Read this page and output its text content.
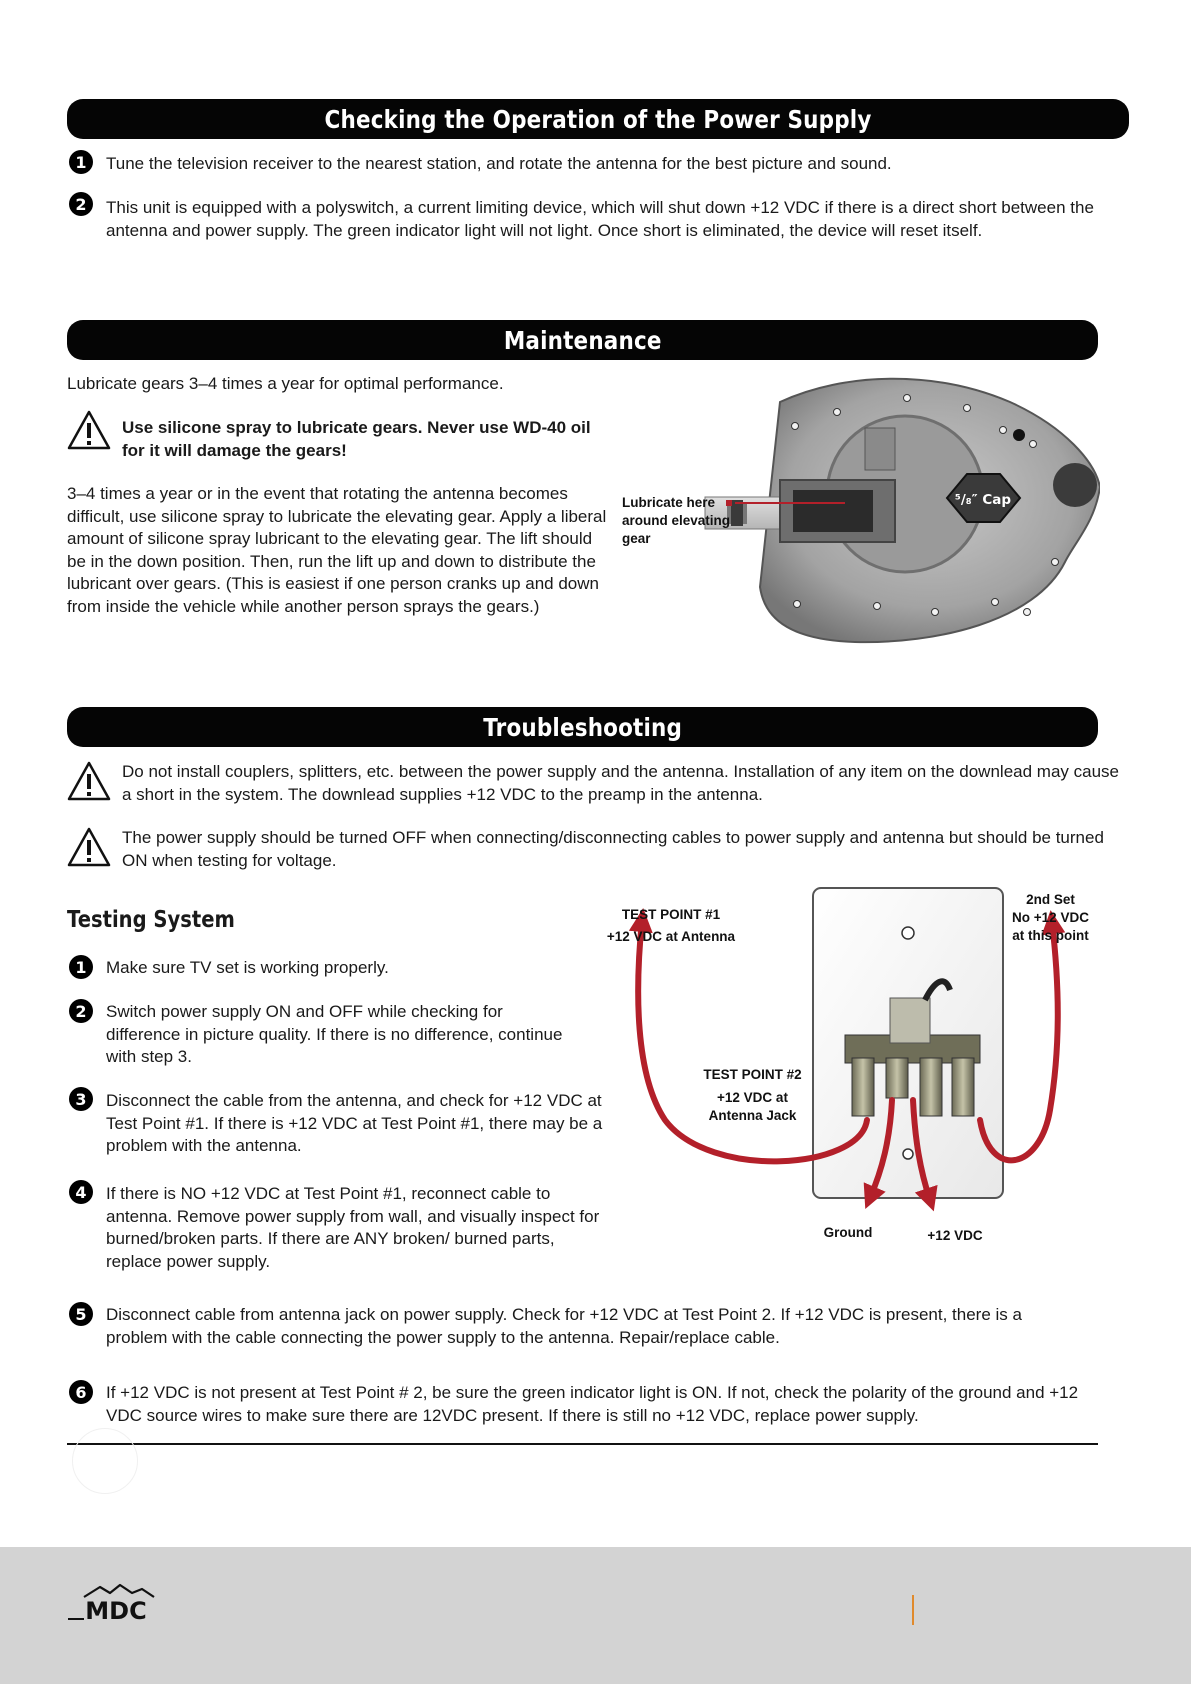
Checking the Operation of the Power Supply
1	Tune the television receiver to the nearest station, and rotate the antenna for the best picture and sound.

2	This unit is equipped with a polyswitch, a current limiting device, which will shut down +12 VDC if there is a direct short between the antenna and power supply. The green indicator light will not light. Once short is eliminated, the device will reset itself.

Maintenance

Lubricate gears 3–4 times a year for optimal performance.

Use silicone spray to lubricate gears. Never use WD-40 oil for it will damage the gears!

3–4 times a year or in the event that rotating the antenna becomes difficult, use silicone spray to lubricate the elevating gear. Apply a liberal amount of silicone spray lubricant to the elevating gear. The lift should be in the down position. Then, run the lift up and down to distribute the lubricant over gears. (This is easiest if one person cranks up and down from inside the vehicle while another person sprays the gears.)

⁵/₈″ Cap
Lubricate here around elevating gear
Troubleshooting

Do not install couplers, splitters, etc. between the power supply and the antenna. Installation of any item on the downlead may cause a short in the system. The downlead supplies +12 VDC to the preamp in the antenna.

The power supply should be turned OFF when connecting/disconnecting cables to power supply and antenna but should be turned ON when testing for voltage.

Testing System
1	Make sure TV set is working properly.

2	Switch power supply ON and OFF while checking for difference in picture quality. If there is no difference, continue with step 3.

3	Disconnect the cable from the antenna, and check for +12 VDC at Test Point #1. If there is +12 VDC at Test Point #1, there may be a problem with the antenna.

4	If there is NO +12 VDC at Test Point #1, reconnect cable to antenna. Remove power supply from wall, and visually inspect for burned/broken parts. If there are ANY broken/ burned parts, replace power supply.

5	Disconnect cable from antenna jack on power supply. Check for +12 VDC at Test Point 2. If +12 VDC is present, there is a problem with the cable connecting the power supply to the antenna. Repair/replace cable.

6	If +12 VDC is not present at Test Point # 2, be sure the green indicator light is ON. If not, check the polarity of the ground and +12 VDC source wires to make sure there are 12VDC present. If there is still no +12 VDC, replace power supply.

TEST POINT #1
+12 VDC at Antenna
TEST POINT #2
+12 VDC at
Antenna Jack
2nd Set
No +12 VDC
at this point
Ground	+12 VDC
MDC
